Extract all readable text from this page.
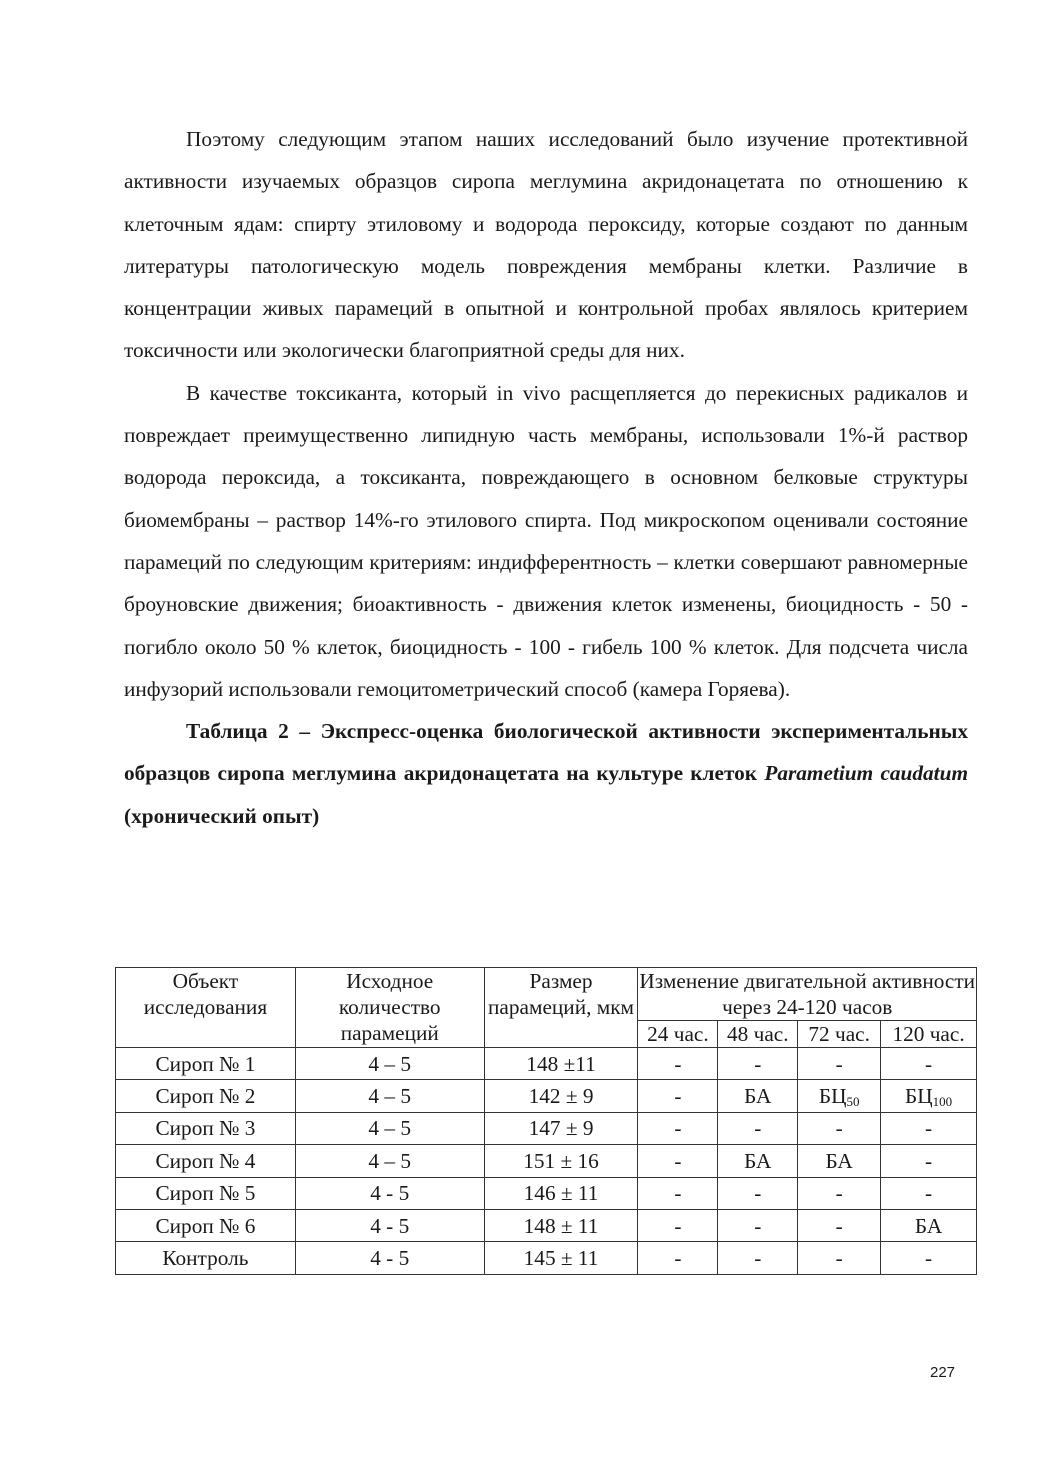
Поэтому следующим этапом наших исследований было изучение протективной активности изучаемых образцов сиропа меглумина акридонацетата по отношению к клеточным ядам: спирту этиловому и водорода пероксиду, которые создают по данным литературы патологическую модель повреждения мембраны клетки. Различие в концентрации живых парамеций в опытной и контрольной пробах являлось критерием токсичности или экологически благоприятной среды для них.

В качестве токсиканта, который in vivo расщепляется до перекисных радикалов и повреждает преимущественно липидную часть мембраны, использовали 1%-й раствор водорода пероксида, а токсиканта, повреждающего в основном белковые структуры биомембраны – раствор 14%-го этилового спирта. Под микроскопом оценивали состояние парамеций по следующим критериям: индифферентность – клетки совершают равномерные броуновские движения; биоактивность - движения клеток изменены, биоцидность - 50 - погибло около 50 % клеток, биоцидность - 100 - гибель 100 % клеток. Для подсчета числа инфузорий использовали гемоцитометрический способ (камера Горяева).

Таблица 2 – Экспресс-оценка биологической активности экспериментальных образцов сиропа меглумина акридонацетата на культуре клеток Parametium caudatum (хронический опыт)

Объект исследования	Исходное количество парамеций	Размер парамеций, мкм	Изменение двигательной активности через 24-120 часов			
			24 час.	48 час.	72 час.	120 час.
Сироп № 1	4 – 5	148 ±11	-	-	-	-
Сироп № 2	4 – 5	142 ± 9	-	БА	$БЦ_{50}$	$БЦ_{100}$
Сироп № 3	4 – 5	147 ± 9	-	-	-	-
Сироп № 4	4 – 5	151 ± 16	-	БА	БА	-
Сироп № 5	4 - 5	146 ± 11	-	-	-	-
Сироп № 6	4 - 5	148 ± 11	-	-	-	БА
Контроль	4 - 5	145 ± 11	-	-	-	-
227
